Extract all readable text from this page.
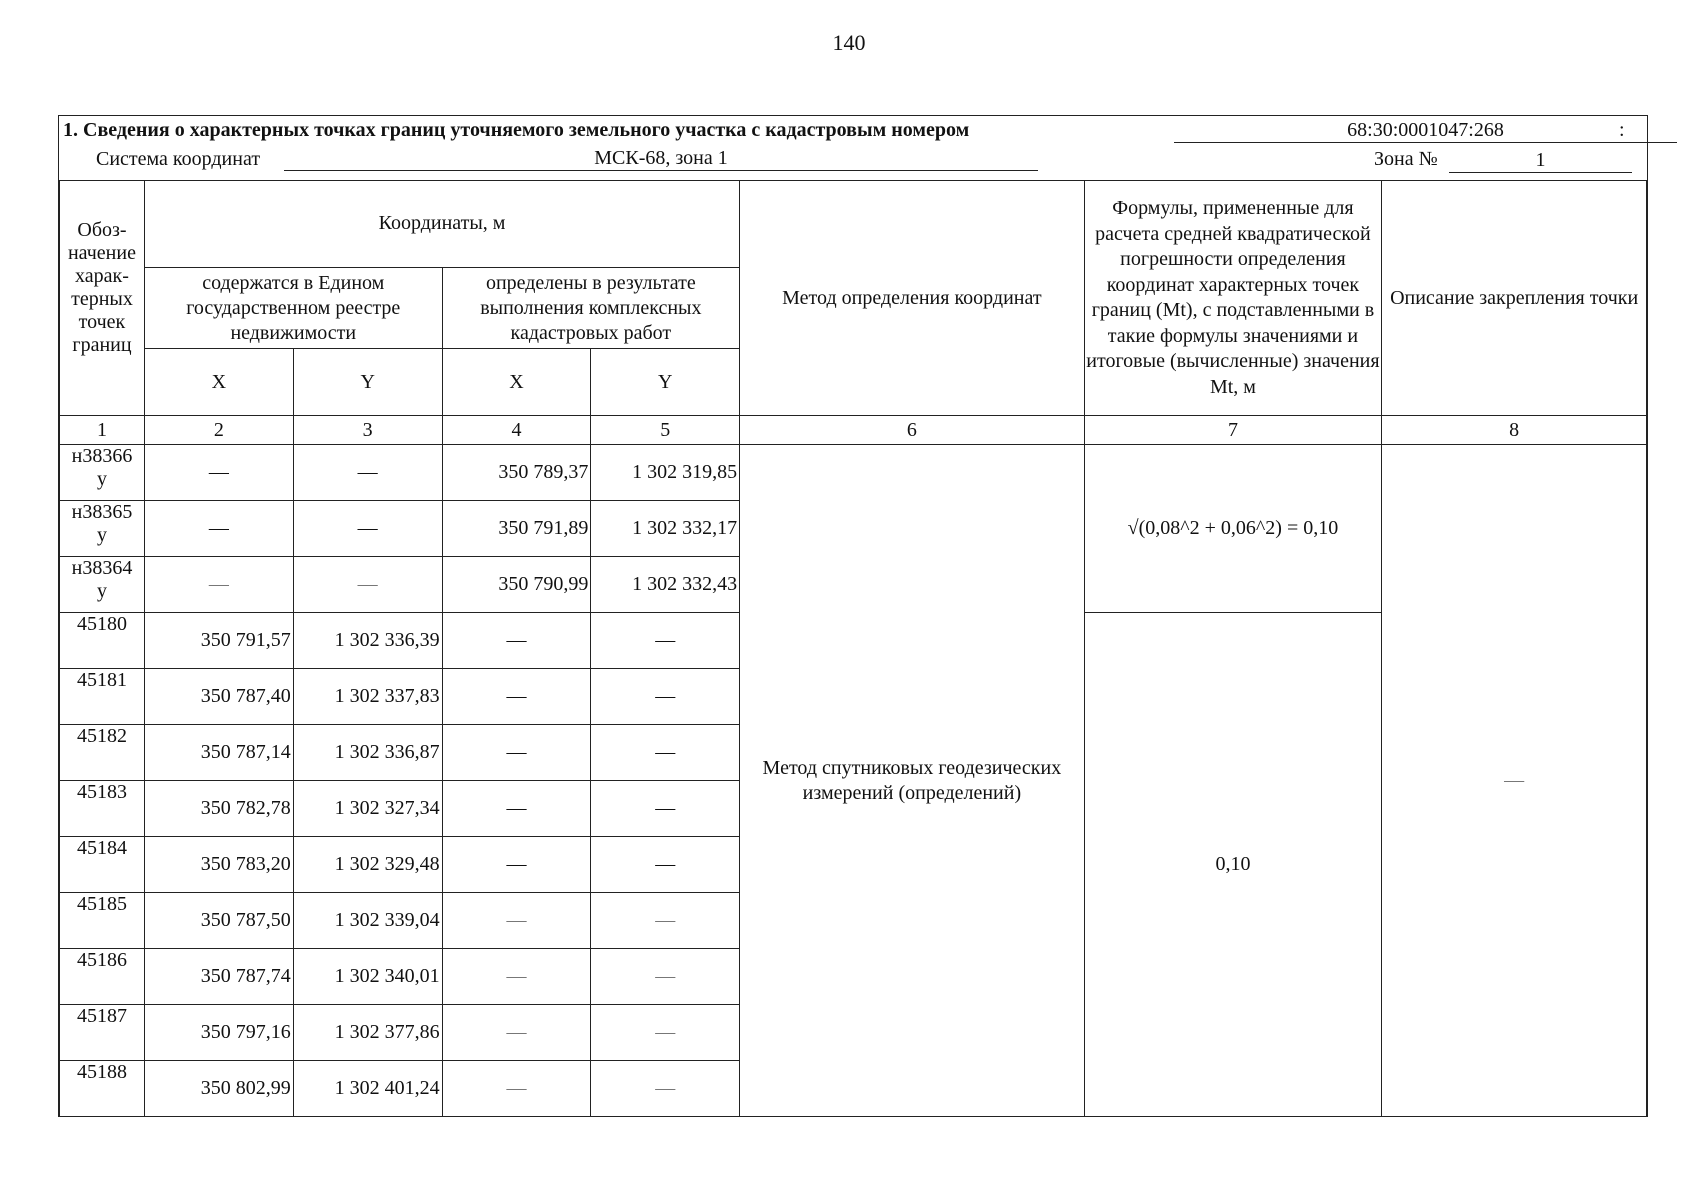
140
1. Сведения о характерных точках границ уточняемого земельного участка с кадастровым номером	68:30:0001047:268	:
Система координат	МСК-68, зона 1	Зона №	1
Обоз-начение харак-терных точек границ	Координаты, м				Метод определения координат	Формулы, примененные для расчета средней квадратической погрешности определения координат характерных точек границ (Mt), с подставленными в такие формулы значениями и итоговые (вычисленные) значения Mt, м	Описание закрепления точки
	содержатся в Едином государственном реестре недвижимости		определены в результате выполнения комплексных кадастровых работ				
	X	Y	X	Y			
1	2	3	4	5	6	7	8
н38366
у	—	—	350 789,37	1 302 319,85	Метод спутниковых геодезических измерений (определений)	√(0,08^2 + 0,06^2) = 0,10	—
н38365
у	—	—	350 791,89	1 302 332,17			
н38364
у	—	—	350 790,99	1 302 332,43			
45180	350 791,57	1 302 336,39	—	—		0,10	
45181	350 787,40	1 302 337,83	—	—			
45182	350 787,14	1 302 336,87	—	—			
45183	350 782,78	1 302 327,34	—	—			
45184	350 783,20	1 302 329,48	—	—			
45185	350 787,50	1 302 339,04	—	—			
45186	350 787,74	1 302 340,01	—	—			
45187	350 797,16	1 302 377,86	—	—			
45188	350 802,99	1 302 401,24	—	—			
